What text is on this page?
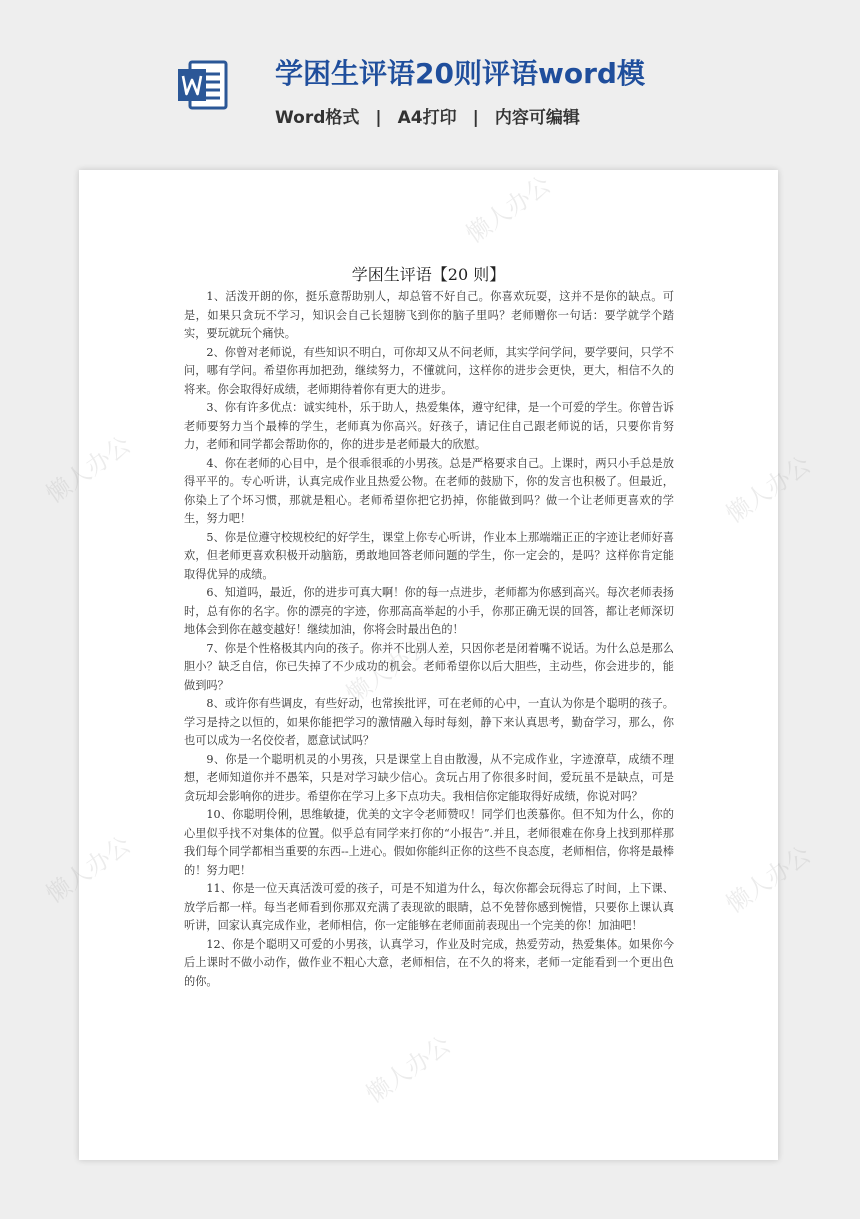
学困生评语20则评语word模
Word格式 | A4打印 | 内容可编辑
懒人办公
懒人办公
懒人办公
懒人办公
懒人办公
懒人办公
懒人办公
学困生评语【20 则】

1、活泼开朗的你，挺乐意帮助别人，却总管不好自己。你喜欢玩耍，这并不是你的缺点。可是，如果只贪玩不学习，知识会自己长翅膀飞到你的脑子里吗？老师赠你一句话：要学就学个踏实，要玩就玩个痛快。

2、你曾对老师说，有些知识不明白，可你却又从不问老师，其实学问学问，要学要问，只学不问，哪有学问。希望你再加把劲，继续努力，不懂就问，这样你的进步会更快，更大，相信不久的将来。你会取得好成绩，老师期待着你有更大的进步。

3、你有许多优点：诚实纯朴，乐于助人，热爱集体，遵守纪律，是一个可爱的学生。你曾告诉老师要努力当个最棒的学生，老师真为你高兴。好孩子，请记住自己跟老师说的话，只要你肯努力，老师和同学都会帮助你的，你的进步是老师最大的欣慰。

4、你在老师的心目中，是个很乖很乖的小男孩。总是严格要求自己。上课时，两只小手总是放得平平的。专心听讲，认真完成作业且热爱公物。在老师的鼓励下，你的发言也积极了。但最近，你染上了个坏习惯，那就是粗心。老师希望你把它扔掉，你能做到吗？做一个让老师更喜欢的学生，努力吧！

5、你是位遵守校规校纪的好学生，课堂上你专心听讲，作业本上那端端正正的字迹让老师好喜欢，但老师更喜欢积极开动脑筋，勇敢地回答老师问题的学生，你一定会的，是吗？这样你肯定能取得优异的成绩。

6、知道吗，最近，你的进步可真大啊！你的每一点进步，老师都为你感到高兴。每次老师表扬时，总有你的名字。你的漂亮的字迹，你那高高举起的小手，你那正确无误的回答，都让老师深切地体会到你在越变越好！继续加油，你将会时最出色的！

7、你是个性格极其内向的孩子。你并不比别人差，只因你老是闭着嘴不说话。为什么总是那么胆小？缺乏自信，你已失掉了不少成功的机会。老师希望你以后大胆些，主动些，你会进步的，能做到吗？

8、或许你有些调皮，有些好动，也常挨批评，可在老师的心中，一直认为你是个聪明的孩子。学习是持之以恒的，如果你能把学习的激情融入每时每刻，静下来认真思考，勤奋学习，那么，你也可以成为一名佼佼者，愿意试试吗？

9、你是一个聪明机灵的小男孩，只是课堂上自由散漫，从不完成作业，字迹潦草，成绩不理想，老师知道你并不愚笨，只是对学习缺少信心。贪玩占用了你很多时间，爱玩虽不是缺点，可是贪玩却会影响你的进步。希望你在学习上多下点功夫。我相信你定能取得好成绩，你说对吗？

10、你聪明伶俐，思维敏捷，优美的文字令老师赞叹！同学们也羡慕你。但不知为什么，你的心里似乎找不对集体的位置。似乎总有同学来打你的“小报告”.并且，老师很难在你身上找到那样那我们每个同学都相当重要的东西--上进心。假如你能纠正你的这些不良态度，老师相信，你将是最棒的！努力吧！

11、你是一位天真活泼可爱的孩子，可是不知道为什么，每次你都会玩得忘了时间，上下课、放学后都一样。每当老师看到你那双充满了表现欲的眼睛，总不免替你感到惋惜，只要你上课认真听讲，回家认真完成作业，老师相信，你一定能够在老师面前表现出一个完美的你！加油吧！

12、你是个聪明又可爱的小男孩，认真学习，作业及时完成，热爱劳动，热爱集体。如果你今后上课时不做小动作，做作业不粗心大意，老师相信，在不久的将来，老师一定能看到一个更出色的你。
